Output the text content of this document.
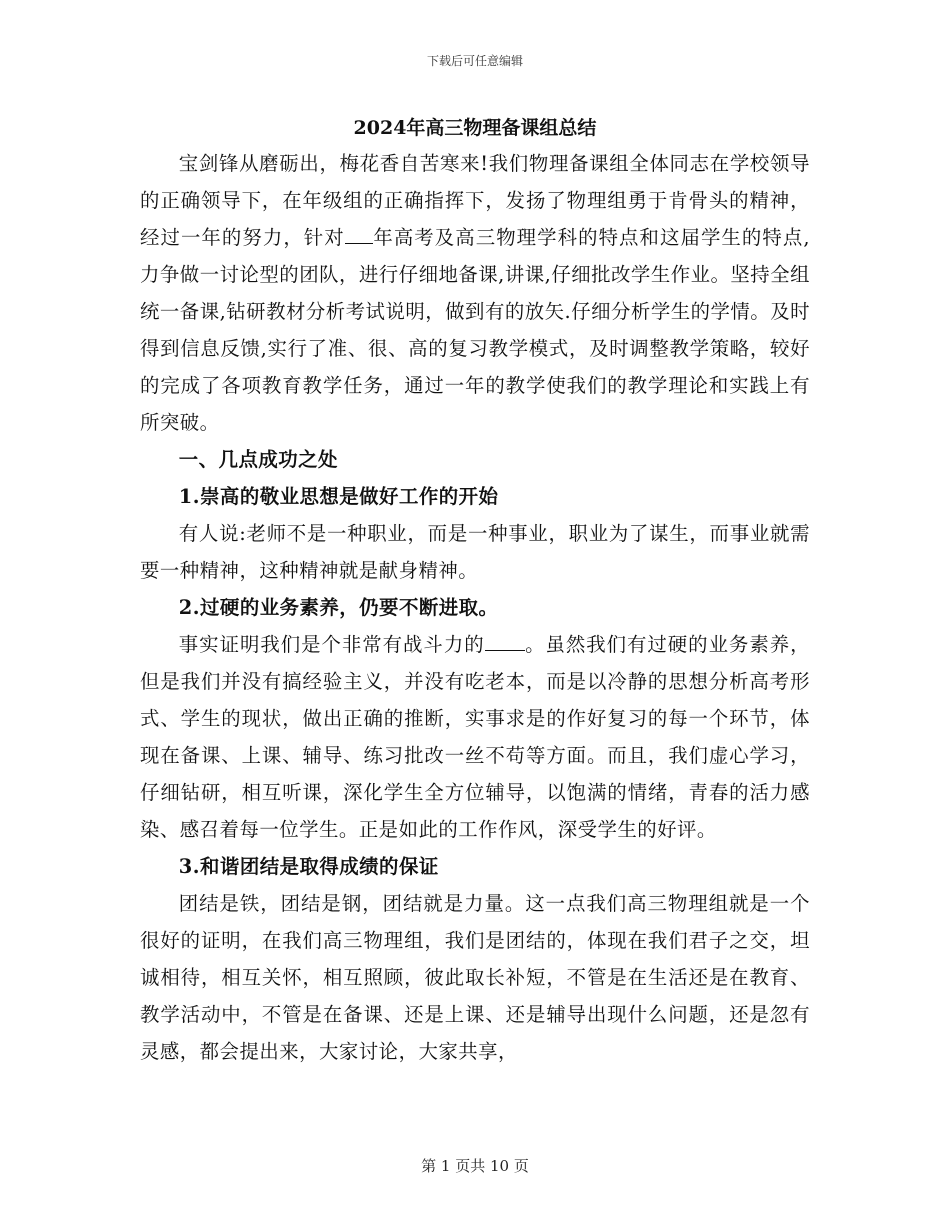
下载后可任意编辑
2024年高三物理备课组总结

宝剑锋从磨砺出，梅花香自苦寒来!我们物理备课组全体同志在学校领导的正确领导下，在年级组的正确指挥下，发扬了物理组勇于肯骨头的精神，经过一年的努力，针对 年高考及高三物理学科的特点和这届学生的特点,力争做一讨论型的团队，进行仔细地备课,讲课,仔细批改学生作业。坚持全组统一备课,钻研教材分析考试说明，做到有的放矢.仔细分析学生的学情。及时得到信息反馈,实行了准、很、高的复习教学模式，及时调整教学策略，较好的完成了各项教育教学任务，通过一年的教学使我们的教学理论和实践上有所突破。

一、几点成功之处

1.崇高的敬业思想是做好工作的开始

有人说:老师不是一种职业，而是一种事业，职业为了谋生，而事业就需要一种精神，这种精神就是献身精神。

2.过硬的业务素养，仍要不断进取。

事实证明我们是个非常有战斗力的 。虽然我们有过硬的业务素养，但是我们并没有搞经验主义，并没有吃老本，而是以冷静的思想分析高考形式、学生的现状，做出正确的推断，实事求是的作好复习的每一个环节，体现在备课、上课、辅导、练习批改一丝不苟等方面。而且，我们虚心学习，仔细钻研，相互听课，深化学生全方位辅导，以饱满的情绪，青春的活力感染、感召着每一位学生。正是如此的工作作风，深受学生的好评。

3.和谐团结是取得成绩的保证

团结是铁，团结是钢，团结就是力量。这一点我们高三物理组就是一个很好的证明，在我们高三物理组，我们是团结的，体现在我们君子之交，坦诚相待，相互关怀，相互照顾，彼此取长补短，不管是在生活还是在教育、教学活动中，不管是在备课、还是上课、还是辅导出现什么问题，还是忽有灵感，都会提出来，大家讨论，大家共享，

第 1 页共 10 页
